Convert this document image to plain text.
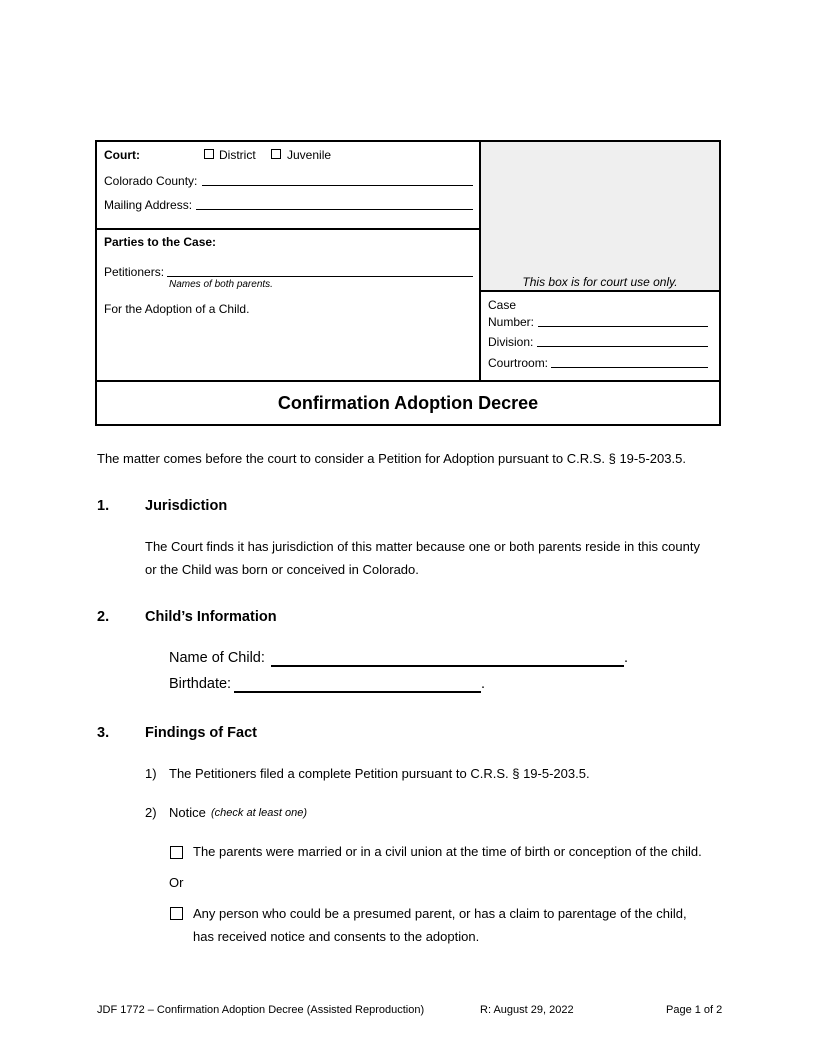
Court:	District	Juvenile
Colorado County:
Mailing Address:
Parties to the Case:
Petitioners:
Names of both parents.
For the Adoption of a Child.
This box is for court use only.
Case
Number:
Division:
Courtroom:
Confirmation Adoption Decree
The matter comes before the court to consider a Petition for Adoption pursuant to C.R.S. § 19-5-203.5.
1. Jurisdiction
The Court finds it has jurisdiction of this matter because one or both parents reside in this county
or the Child was born or conceived in Colorado.
2. Child’s Information
Name of Child:	.
Birthdate:	.
3. Findings of Fact
1) The Petitioners filed a complete Petition pursuant to C.R.S. § 19-5-203.5.
2) Notice (check at least one)
The parents were married or in a civil union at the time of birth or conception of the child.
Or
Any person who could be a presumed parent, or has a claim to parentage of the child,
has received notice and consents to the adoption.
JDF 1772 – Confirmation Adoption Decree (Assisted Reproduction)	R: August 29, 2022	Page 1 of 2
